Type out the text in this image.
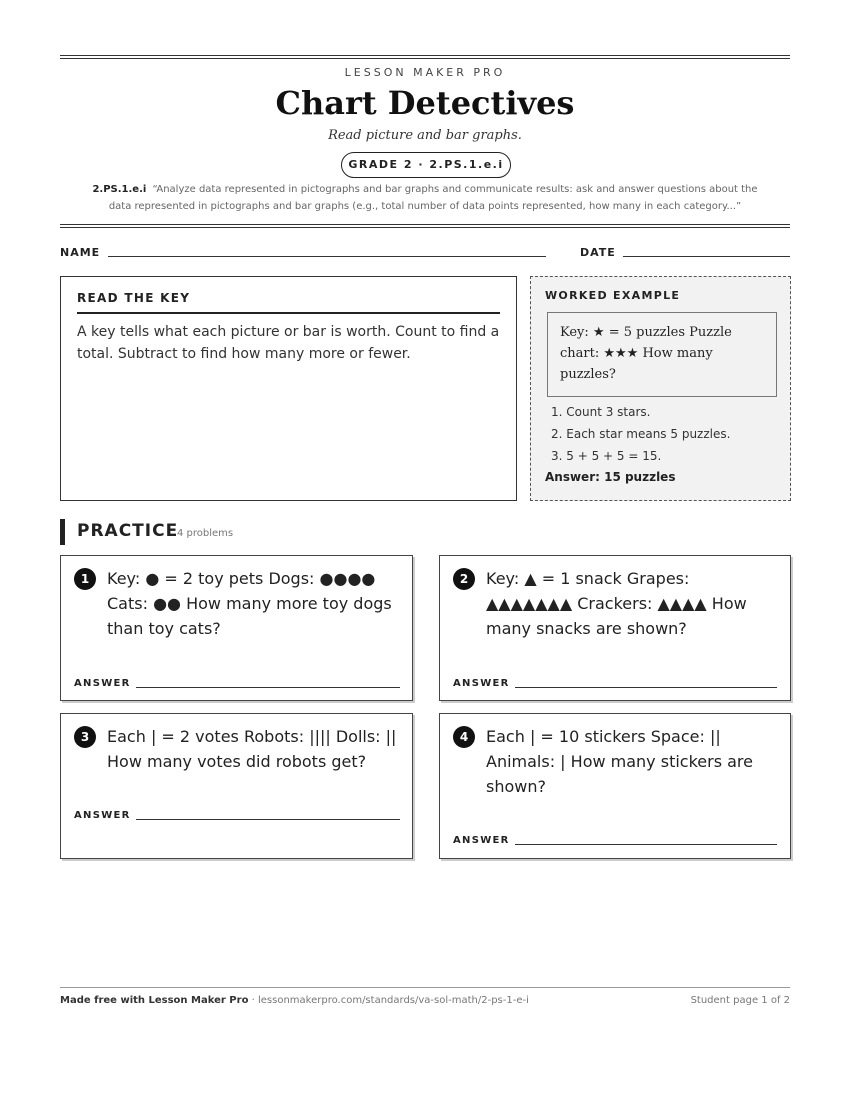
LESSON MAKER PRO
Chart Detectives
Read picture and bar graphs.
GRADE 2 · 2.PS.1.e.i
2.PS.1.e.i “Analyze data represented in pictographs and bar graphs and communicate results: ask and answer questions about the data represented in pictographs and bar graphs (e.g., total number of data points represented, how many in each category...”
NAME	DATE
READ THE KEY
A key tells what each picture or bar is worth. Count to find a total. Subtract to find how many more or fewer.
WORKED EXAMPLE
Key: ★ = 5 puzzles Puzzle chart: ★★★ How many puzzles?
1. Count 3 stars.
2. Each star means 5 puzzles.
3. 5 + 5 + 5 = 15.
Answer: 15 puzzles
PRACTICE
4 problems
1	Key: ● = 2 toy pets Dogs: ●●●● Cats: ●● How many more toy dogs than toy cats?
ANSWER
2	Key: ▲ = 1 snack Grapes: ▲▲▲▲▲▲▲ Crackers: ▲▲▲▲ How many snacks are shown?
ANSWER
3	Each | = 2 votes Robots: |||| Dolls: || How many votes did robots get?
ANSWER
4	Each | = 10 stickers Space: || Animals: | How many stickers are shown?
ANSWER
Made free with Lesson Maker Pro · lessonmakerpro.com/standards/va-sol-math/2-ps-1-e-i	Student page 1 of 2
